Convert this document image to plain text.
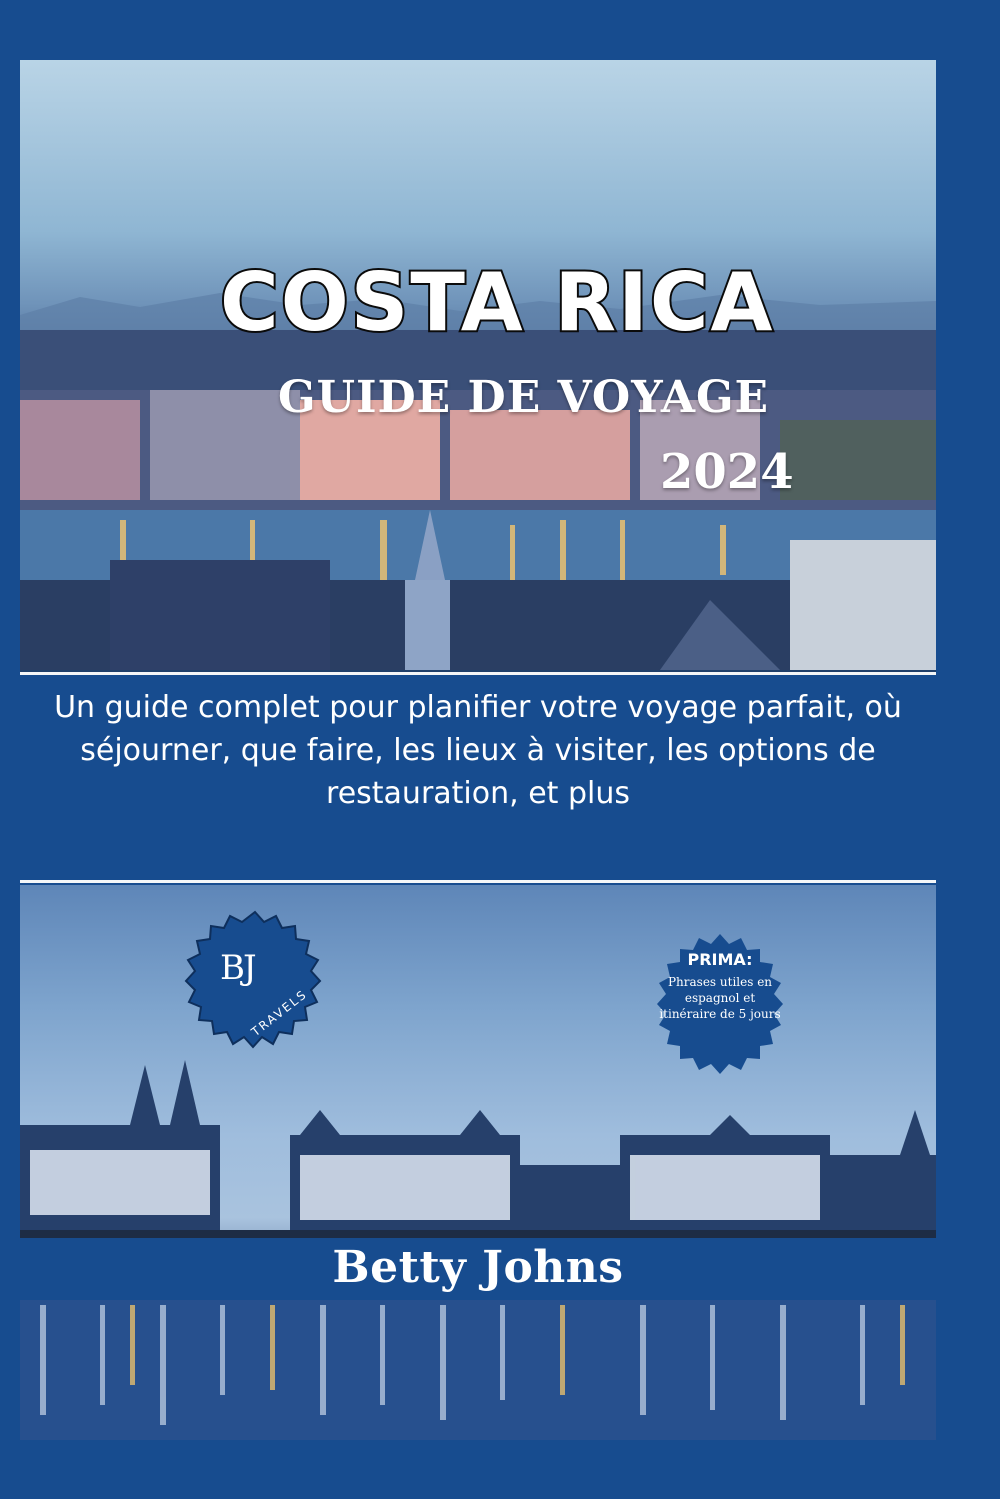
COSTA RICA
GUIDE DE VOYAGE
2024
Un guide complet pour planifier votre voyage parfait, où séjourner, que faire, les lieux à visiter, les options de restauration, et plus
BJ
TRAVELS
PRIMA:
Phrases utiles en espagnol et itinéraire de 5 jours
Betty Johns
